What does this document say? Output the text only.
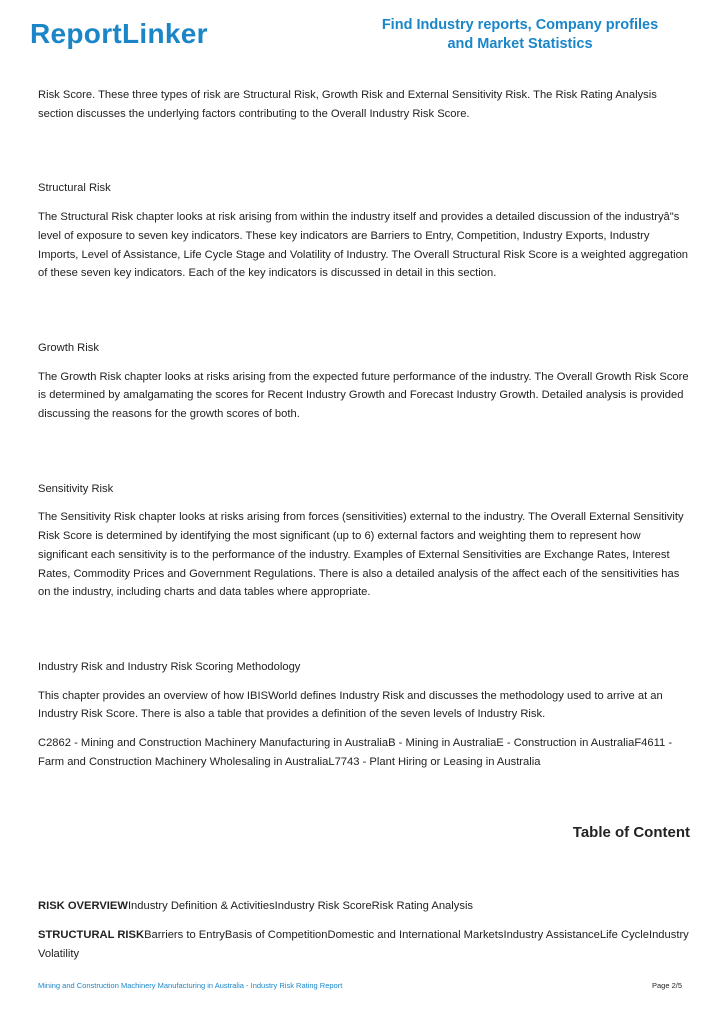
ReportLinker	Find Industry reports, Company profiles
and Market Statistics

Risk Score. These three types of risk are Structural Risk, Growth Risk and External Sensitivity Risk. The Risk Rating Analysis section discusses the underlying factors contributing to the Overall Industry Risk Score.

Structural Risk

The Structural Risk chapter looks at risk arising from within the industry itself and provides a detailed discussion of the industryâ"s level of exposure to seven key indicators. These key indicators are Barriers to Entry, Competition, Industry Exports, Industry Imports, Level of Assistance, Life Cycle Stage and Volatility of Industry. The Overall Structural Risk Score is a weighted aggregation of these seven key indicators. Each of the key indicators is discussed in detail in this section.

Growth Risk

The Growth Risk chapter looks at risks arising from the expected future performance of the industry. The Overall Growth Risk Score is determined by amalgamating the scores for Recent Industry Growth and Forecast Industry Growth. Detailed analysis is provided discussing the reasons for the growth scores of both.

Sensitivity Risk

The Sensitivity Risk chapter looks at risks arising from forces (sensitivities) external to the industry. The Overall External Sensitivity Risk Score is determined by identifying the most significant (up to 6) external factors and weighting them to represent how significant each sensitivity is to the performance of the industry. Examples of External Sensitivities are Exchange Rates, Interest Rates, Commodity Prices and Government Regulations. There is also a detailed analysis of the affect each of the sensitivities has on the industry, including charts and data tables where appropriate.

Industry Risk and Industry Risk Scoring Methodology

This chapter provides an overview of how IBISWorld defines Industry Risk and discusses the methodology used to arrive at an Industry Risk Score. There is also a table that provides a definition of the seven levels of Industry Risk.

C2862 - Mining and Construction Machinery Manufacturing in AustraliaB - Mining in AustraliaE - Construction in AustraliaF4611 - Farm and Construction Machinery Wholesaling in AustraliaL7743 - Plant Hiring or Leasing in Australia

Table of Content

RISK OVERVIEWIndustry Definition & ActivitiesIndustry Risk ScoreRisk Rating Analysis

STRUCTURAL RISKBarriers to EntryBasis of CompetitionDomestic and International MarketsIndustry AssistanceLife CycleIndustry Volatility

Mining and Construction Machinery Manufacturing in Australia - Industry Risk Rating Report	Page 2/5
